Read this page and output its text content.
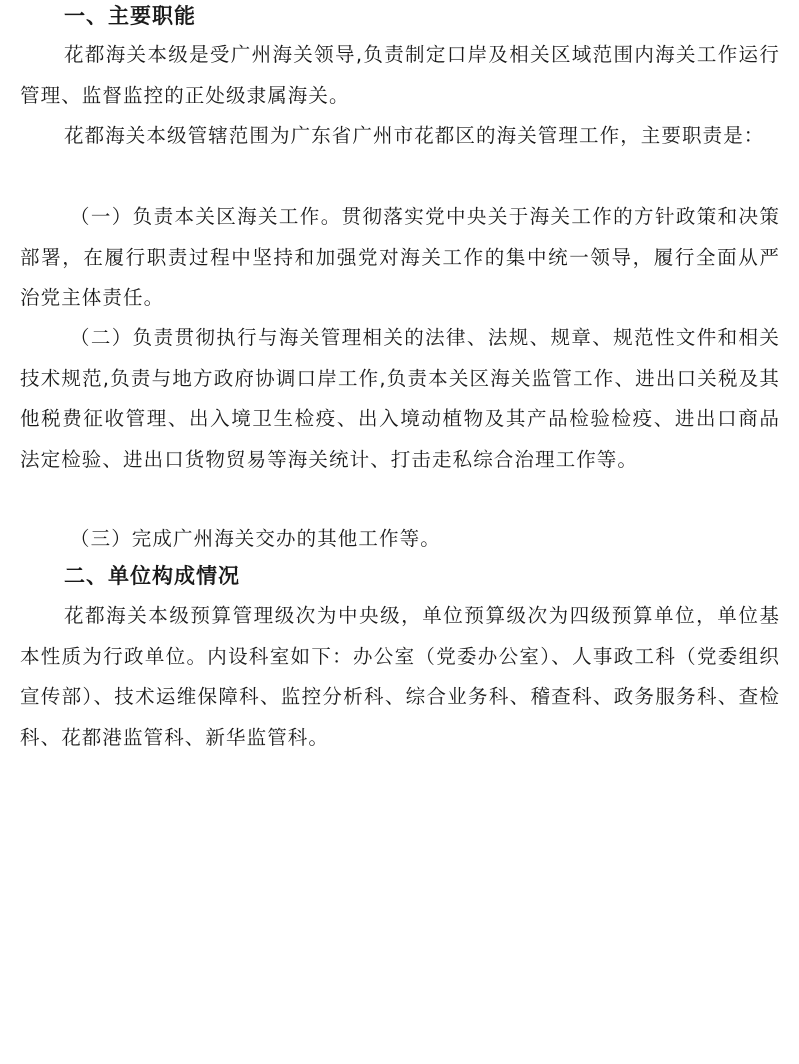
一、主要职能

花都海关本级是受广州海关领导,负责制定口岸及相关区域范围内海关工作运行管理、监督监控的正处级隶属海关。

花都海关本级管辖范围为广东省广州市花都区的海关管理工作，主要职责是：

（一）负责本关区海关工作。贯彻落实党中央关于海关工作的方针政策和决策部署，在履行职责过程中坚持和加强党对海关工作的集中统一领导，履行全面从严治党主体责任。

（二）负责贯彻执行与海关管理相关的法律、法规、规章、规范性文件和相关技术规范,负责与地方政府协调口岸工作,负责本关区海关监管工作、进出口关税及其他税费征收管理、出入境卫生检疫、出入境动植物及其产品检验检疫、进出口商品法定检验、进出口货物贸易等海关统计、打击走私综合治理工作等。

（三）完成广州海关交办的其他工作等。

二、单位构成情况

花都海关本级预算管理级次为中央级，单位预算级次为四级预算单位，单位基本性质为行政单位。内设科室如下：办公室（党委办公室）、人事政工科（党委组织宣传部）、技术运维保障科、监控分析科、综合业务科、稽查科、政务服务科、查检科、花都港监管科、新华监管科。
